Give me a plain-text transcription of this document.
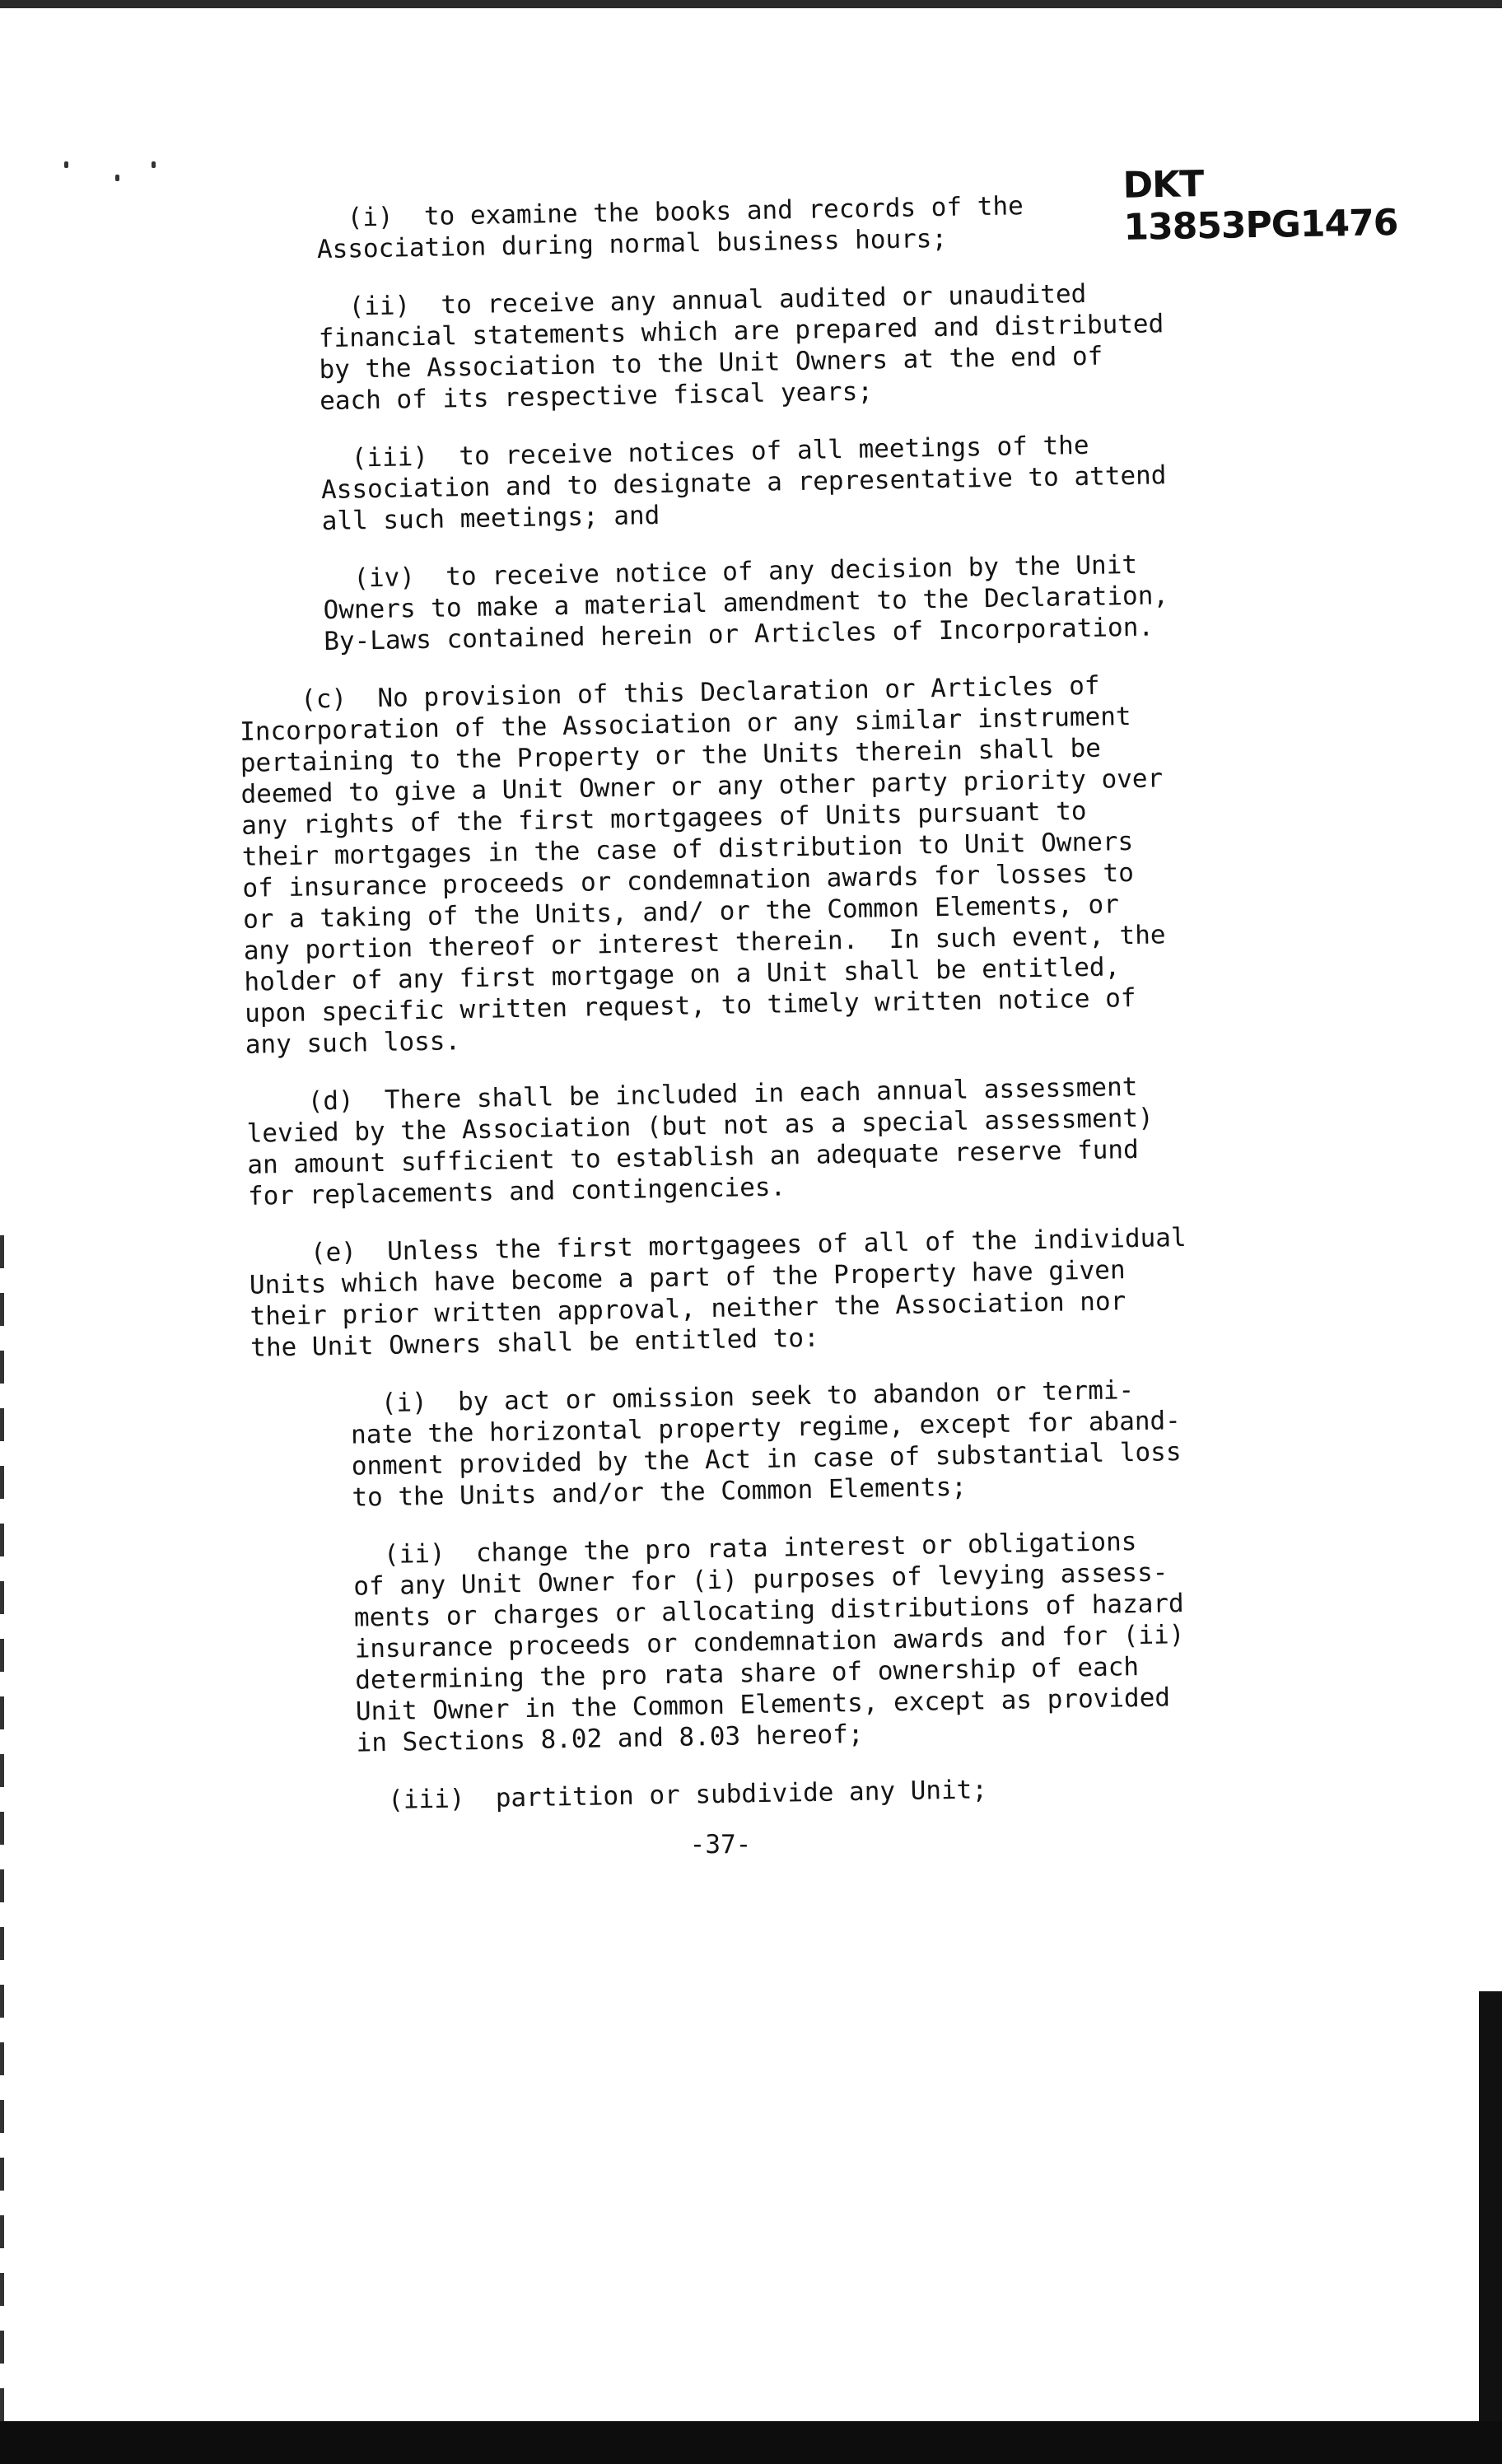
DKT 13853PG1476

(i)  to examine the books and records of the
Association during normal business hours;

(ii)  to receive any annual audited or unaudited
financial statements which are prepared and distributed
by the Association to the Unit Owners at the end of
each of its respective fiscal years;

(iii)  to receive notices of all meetings of the
Association and to designate a representative to attend
all such meetings; and

(iv)  to receive notice of any decision by the Unit
Owners to make a material amendment to the Declaration,
By-Laws contained herein or Articles of Incorporation.

(c)  No provision of this Declaration or Articles of
Incorporation of the Association or any similar instrument
pertaining to the Property or the Units therein shall be
deemed to give a Unit Owner or any other party priority over
any rights of the first mortgagees of Units pursuant to
their mortgages in the case of distribution to Unit Owners
of insurance proceeds or condemnation awards for losses to
or a taking of the Units, and/ or the Common Elements, or
any portion thereof or interest therein.  In such event, the
holder of any first mortgage on a Unit shall be entitled,
upon specific written request, to timely written notice of
any such loss.

(d)  There shall be included in each annual assessment
levied by the Association (but not as a special assessment)
an amount sufficient to establish an adequate reserve fund
for replacements and contingencies.

(e)  Unless the first mortgagees of all of the individual
Units which have become a part of the Property have given
their prior written approval, neither the Association nor
the Unit Owners shall be entitled to:

(i)  by act or omission seek to abandon or termi-
nate the horizontal property regime, except for aband-
onment provided by the Act in case of substantial loss
to the Units and/or the Common Elements;

(ii)  change the pro rata interest or obligations
of any Unit Owner for (i) purposes of levying assess-
ments or charges or allocating distributions of hazard
insurance proceeds or condemnation awards and for (ii)
determining the pro rata share of ownership of each
Unit Owner in the Common Elements, except as provided
in Sections 8.02 and 8.03 hereof;

(iii)  partition or subdivide any Unit;

-37-
